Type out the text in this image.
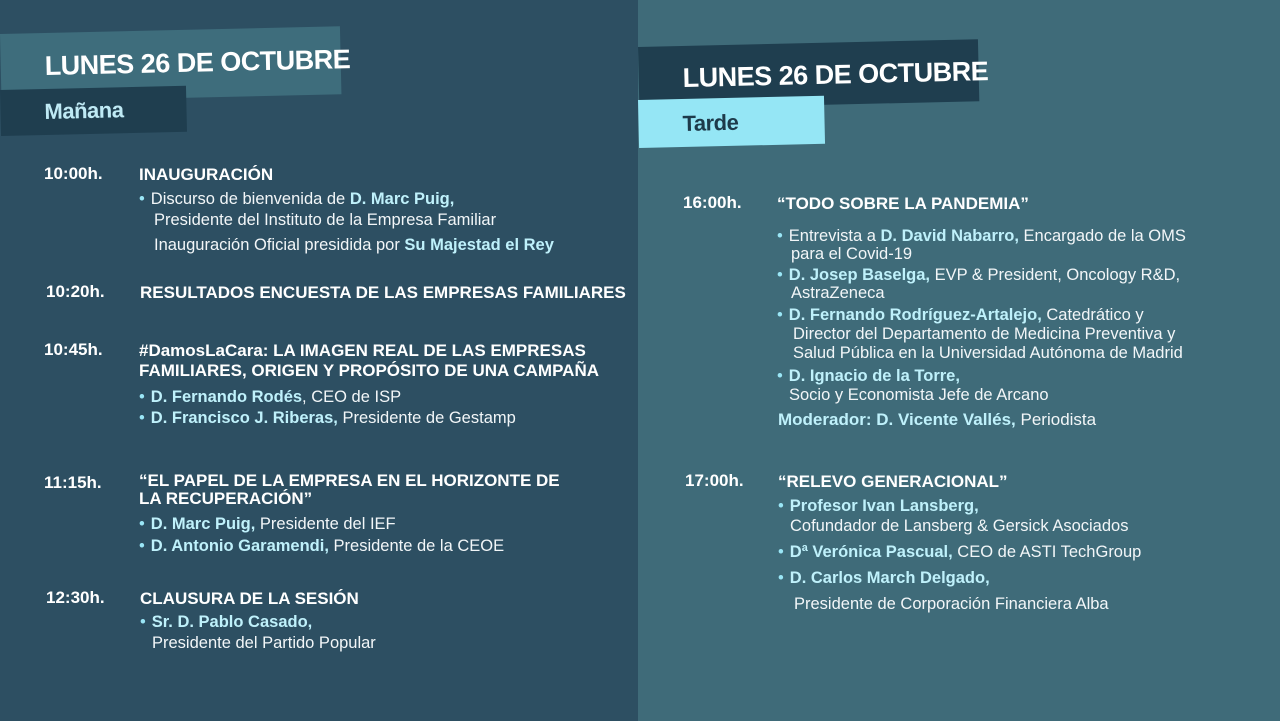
LUNES 26 DE OCTUBRE
Mañana
10:00h. INAUGURACIÓN
• Discurso de bienvenida de D. Marc Puig,
Presidente del Instituto de la Empresa Familiar
Inauguración Oficial presidida por Su Majestad el Rey
10:20h. RESULTADOS ENCUESTA DE LAS EMPRESAS FAMILIARES
10:45h. #DamosLaCara: LA IMAGEN REAL DE LAS EMPRESAS
FAMILIARES, ORIGEN Y PROPÓSITO DE UNA CAMPAÑA
• D. Fernando Rodés, CEO de ISP
• D. Francisco J. Riberas, Presidente de Gestamp
11:15h. “EL PAPEL DE LA EMPRESA EN EL HORIZONTE DE
LA RECUPERACIÓN”
• D. Marc Puig, Presidente del IEF
• D. Antonio Garamendi, Presidente de la CEOE
12:30h. CLAUSURA DE LA SESIÓN
• Sr. D. Pablo Casado,
Presidente del Partido Popular
LUNES 26 DE OCTUBRE
Tarde
16:00h. “TODO SOBRE LA PANDEMIA”
• Entrevista a D. David Nabarro, Encargado de la OMS
para el Covid-19
• D. Josep Baselga, EVP & President, Oncology R&D,
AstraZeneca
• D. Fernando Rodríguez-Artalejo, Catedrático y
Director del Departamento de Medicina Preventiva y
Salud Pública en la Universidad Autónoma de Madrid
• D. Ignacio de la Torre,
Socio y Economista Jefe de Arcano
Moderador: D. Vicente Vallés, Periodista
17:00h. “RELEVO GENERACIONAL”
• Profesor Ivan Lansberg,
Cofundador de Lansberg & Gersick Asociados
• Dª Verónica Pascual, CEO de ASTI TechGroup
• D. Carlos March Delgado,
Presidente de Corporación Financiera Alba
